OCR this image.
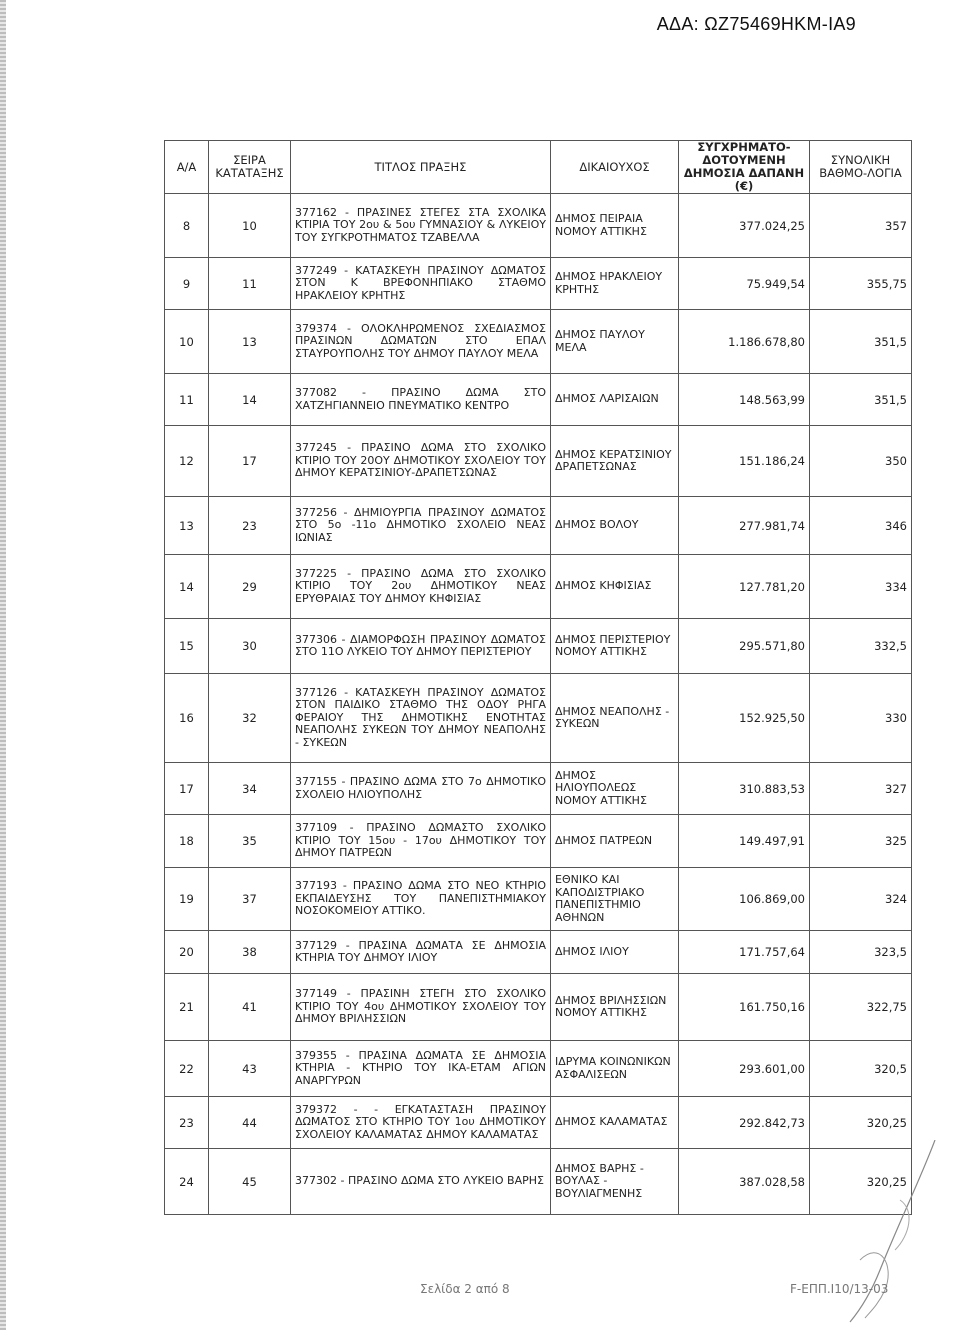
ΑΔΑ: ΩΖ75469ΗΚΜ-ΙΑ9
Α/Α	ΣΕΙΡΑ ΚΑΤΑΤΑΞΗΣ	ΤΙΤΛΟΣ ΠΡΑΞΗΣ	ΔΙΚΑΙΟΥΧΟΣ	ΣΥΓΧΡΗΜΑΤΟ-ΔΟΤΟΥΜΕΝΗ ΔΗΜΟΣΙΑ ΔΑΠΑΝΗ (€)	ΣΥΝΟΛΙΚΗ ΒΑΘΜΟ-ΛΟΓΙΑ
8	10	377162 - ΠΡΑΣΙΝΕΣ ΣΤΕΓΕΣ ΣΤΑ ΣΧΟΛΙΚΑ ΚΤΙΡΙΑ ΤΟΥ 2ου & 5ου ΓΥΜΝΑΣΙΟΥ & ΛΥΚΕΙΟΥ ΤΟΥ ΣΥΓΚΡΟΤΗΜΑΤΟΣ ΤΖΑΒΕΛΛΑ	ΔΗΜΟΣ ΠΕΙΡΑΙΑ ΝΟΜΟΥ ΑΤΤΙΚΗΣ	377.024,25	357
9	11	377249 - ΚΑΤΑΣΚΕΥΗ ΠΡΑΣΙΝΟΥ ΔΩΜΑΤΟΣ ΣΤΟΝ Κ ΒΡΕΦΟΝΗΠΙΑΚΟ ΣΤΑΘΜΟ ΗΡΑΚΛΕΙΟΥ ΚΡΗΤΗΣ	ΔΗΜΟΣ ΗΡΑΚΛΕΙΟΥ ΚΡΗΤΗΣ	75.949,54	355,75
10	13	379374 - ΟΛΟΚΛΗΡΩΜΕΝΟΣ ΣΧΕΔΙΑΣΜΟΣ ΠΡΑΣΙΝΩΝ ΔΩΜΑΤΩΝ ΣΤΟ ΕΠΑΛ ΣΤΑΥΡΟΥΠΟΛΗΣ ΤΟΥ ΔΗΜΟΥ ΠΑΥΛΟΥ ΜΕΛΑ	ΔΗΜΟΣ ΠΑΥΛΟΥ ΜΕΛΑ	1.186.678,80	351,5
11	14	377082 - ΠΡΑΣΙΝΟ ΔΩΜΑ ΣΤΟ ΧΑΤΖΗΓΙΑΝΝΕΙΟ ΠΝΕΥΜΑΤΙΚΟ ΚΕΝΤΡΟ	ΔΗΜΟΣ ΛΑΡΙΣΑΙΩΝ	148.563,99	351,5
12	17	377245 - ΠΡΑΣΙΝΟ ΔΩΜΑ ΣΤΟ ΣΧΟΛΙΚΟ ΚΤΙΡΙΟ ΤΟΥ 20ΟΥ ΔΗΜΟΤΙΚΟΥ ΣΧΟΛΕΙΟΥ ΤΟΥ ΔΗΜΟΥ ΚΕΡΑΤΣΙΝΙΟΥ-ΔΡΑΠΕΤΣΩΝΑΣ	ΔΗΜΟΣ ΚΕΡΑΤΣΙΝΙΟΥ ΔΡΑΠΕΤΣΩΝΑΣ	151.186,24	350
13	23	377256 - ΔΗΜΙΟΥΡΓΙΑ ΠΡΑΣΙΝΟΥ ΔΩΜΑΤΟΣ ΣΤΟ 5ο -11ο ΔΗΜΟΤΙΚΟ ΣΧΟΛΕΙΟ ΝΕΑΣ ΙΩΝΙΑΣ	ΔΗΜΟΣ ΒΟΛΟΥ	277.981,74	346
14	29	377225 - ΠΡΑΣΙΝΟ ΔΩΜΑ ΣΤΟ ΣΧΟΛΙΚΟ ΚΤΙΡΙΟ ΤΟΥ 2ου ΔΗΜΟΤΙΚΟΥ ΝΕΑΣ ΕΡΥΘΡΑΙΑΣ ΤΟΥ ΔΗΜΟΥ ΚΗΦΙΣΙΑΣ	ΔΗΜΟΣ ΚΗΦΙΣΙΑΣ	127.781,20	334
15	30	377306 - ΔΙΑΜΟΡΦΩΣΗ ΠΡΑΣΙΝΟΥ ΔΩΜΑΤΟΣ ΣΤΟ 11Ο ΛΥΚΕΙΟ ΤΟΥ ΔΗΜΟΥ ΠΕΡΙΣΤΕΡΙΟΥ	ΔΗΜΟΣ ΠΕΡΙΣΤΕΡΙΟΥ ΝΟΜΟΥ ΑΤΤΙΚΗΣ	295.571,80	332,5
16	32	377126 - ΚΑΤΑΣΚΕΥΗ ΠΡΑΣΙΝΟΥ ΔΩΜΑΤΟΣ ΣΤΟΝ ΠΑΙΔΙΚΟ ΣΤΑΘΜΟ ΤΗΣ ΟΔΟΥ ΡΗΓΑ ΦΕΡΑΙΟΥ ΤΗΣ ΔΗΜΟΤΙΚΗΣ ΕΝΟΤΗΤΑΣ ΝΕΑΠΟΛΗΣ ΣΥΚΕΩΝ ΤΟΥ ΔΗΜΟΥ ΝΕΑΠΟΛΗΣ - ΣΥΚΕΩΝ	ΔΗΜΟΣ ΝΕΑΠΟΛΗΣ - ΣΥΚΕΩΝ	152.925,50	330
17	34	377155 - ΠΡΑΣΙΝΟ ΔΩΜΑ ΣΤΟ 7ο ΔΗΜΟΤΙΚΟ ΣΧΟΛΕΙΟ ΗΛΙΟΥΠΟΛΗΣ	ΔΗΜΟΣ ΗΛΙΟΥΠΟΛΕΩΣ ΝΟΜΟΥ ΑΤΤΙΚΗΣ	310.883,53	327
18	35	377109 - ΠΡΑΣΙΝΟ ΔΩΜΑΣΤΟ ΣΧΟΛΙΚΟ ΚΤΙΡΙΟ ΤΟΥ 15ου - 17ου ΔΗΜΟΤΙΚΟΥ ΤΟΥ ΔΗΜΟΥ ΠΑΤΡΕΩΝ	ΔΗΜΟΣ ΠΑΤΡΕΩΝ	149.497,91	325
19	37	377193 - ΠΡΑΣΙΝΟ ΔΩΜΑ ΣΤΟ ΝΕΟ ΚΤΗΡΙΟ ΕΚΠΑΙΔΕΥΣΗΣ ΤΟΥ ΠΑΝΕΠΙΣΤΗΜΙΑΚΟΥ ΝΟΣΟΚΟΜΕΙΟΥ ΑΤΤΙΚΟ.	ΕΘΝΙΚΟ ΚΑΙ ΚΑΠΟΔΙΣΤΡΙΑΚΟ ΠΑΝΕΠΙΣΤΗΜΙΟ ΑΘΗΝΩΝ	106.869,00	324
20	38	377129 - ΠΡΑΣΙΝΑ ΔΩΜΑΤΑ ΣΕ ΔΗΜΟΣΙΑ ΚΤΗΡΙΑ ΤΟΥ ΔΗΜΟΥ ΙΛΙΟΥ	ΔΗΜΟΣ ΙΛΙΟΥ	171.757,64	323,5
21	41	377149 - ΠΡΑΣΙΝΗ ΣΤΕΓΗ ΣΤΟ ΣΧΟΛΙΚΟ ΚΤΙΡΙΟ ΤΟΥ 4ου ΔΗΜΟΤΙΚΟΥ ΣΧΟΛΕΙΟΥ ΤΟΥ ΔΗΜΟΥ ΒΡΙΛΗΣΣΙΩΝ	ΔΗΜΟΣ ΒΡΙΛΗΣΣΙΩΝ ΝΟΜΟΥ ΑΤΤΙΚΗΣ	161.750,16	322,75
22	43	379355 - ΠΡΑΣΙΝΑ ΔΩΜΑΤΑ ΣΕ ΔΗΜΟΣΙΑ ΚΤΗΡΙΑ - ΚΤΗΡΙΟ ΤΟΥ ΙΚΑ-ΕΤΑΜ ΑΓΙΩΝ ΑΝΑΡΓΥΡΩΝ	ΙΔΡΥΜΑ ΚΟΙΝΩΝΙΚΩΝ ΑΣΦΑΛΙΣΕΩΝ	293.601,00	320,5
23	44	379372 - - ΕΓΚΑΤΑΣΤΑΣΗ ΠΡΑΣΙΝΟΥ ΔΩΜΑΤΟΣ ΣΤΟ ΚΤΗΡΙΟ ΤΟΥ 1ου ΔΗΜΟΤΙΚΟΥ ΣΧΟΛΕΙΟΥ ΚΑΛΑΜΑΤΑΣ ΔΗΜΟΥ ΚΑΛΑΜΑΤΑΣ	ΔΗΜΟΣ ΚΑΛΑΜΑΤΑΣ	292.842,73	320,25
24	45	377302 - ΠΡΑΣΙΝΟ ΔΩΜΑ ΣΤΟ ΛΥΚΕΙΟ ΒΑΡΗΣ	ΔΗΜΟΣ ΒΑΡΗΣ - ΒΟΥΛΑΣ - ΒΟΥΛΙΑΓΜΕΝΗΣ	387.028,58	320,25
Σελίδα 2 από 8	F-ΕΠΠ.Ι10/13-03
